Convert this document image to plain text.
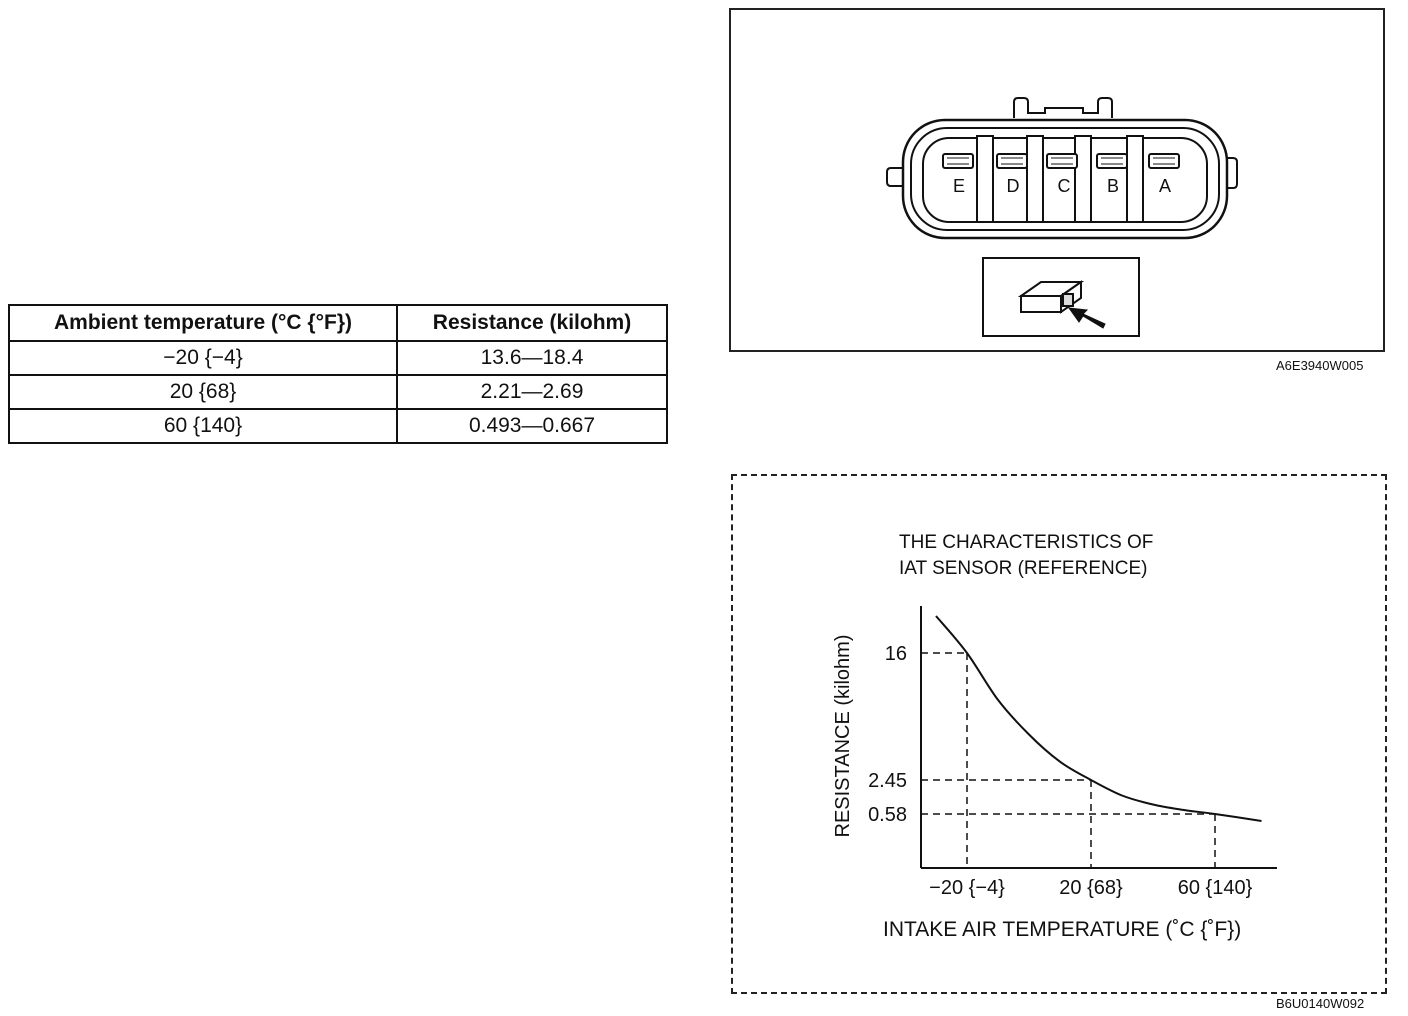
Ambient temperature (°C {°F})	Resistance (kilohm)
−20 {−4}	13.6—18.4
20 {68}	2.21—2.69
60 {140}	0.493—0.667
E D C B A
A6E3940W005
THE CHARACTERISTICS OF
IAT SENSOR (REFERENCE)
16
−20 {−4}
2.45
20 {68}
0.58
60 {140}
RESISTANCE (kilohm)
INTAKE AIR TEMPERATURE (˚C {˚F})
B6U0140W092
